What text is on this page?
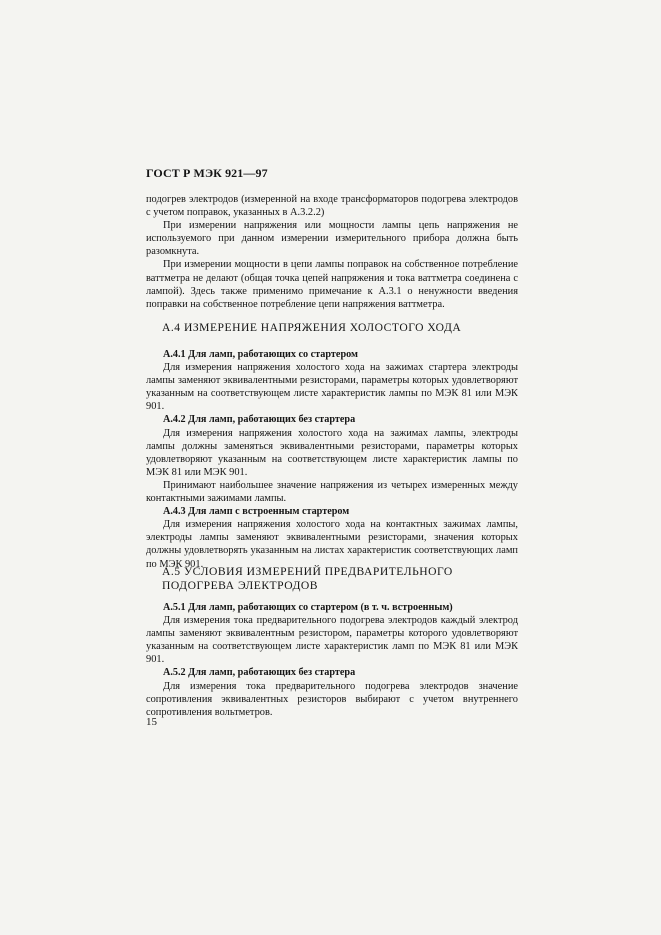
ГОСТ Р МЭК 921—97

подогрев электродов (измеренной на входе трансформаторов подогрева электродов с учетом поправок, указанных в А.3.2.2)

При измерении напряжения или мощности лампы цепь напряжения не используемого при данном измерении измерительного прибора должна быть разомкнута.

При измерении мощности в цепи лампы поправок на собственное потребление ваттметра не делают (общая точка цепей напряжения и тока ваттметра соединена с лампой). Здесь также применимо примечание к А.3.1 о ненужности введения поправки на собственное потребление цепи напряжения ваттметра.

А.4 ИЗМЕРЕНИЕ НАПРЯЖЕНИЯ ХОЛОСТОГО ХОДА

А.4.1 Для ламп, работающих со стартером

Для измерения напряжения холостого хода на зажимах стартера электроды лампы заменяют эквивалентными резисторами, параметры которых удовлетворяют указанным на соответствующем листе характеристик лампы по МЭК 81 или МЭК 901.

А.4.2 Для ламп, работающих без стартера

Для измерения напряжения холостого хода на зажимах лампы, электроды лампы должны заменяться эквивалентными резисторами, параметры которых удовлетворяют указанным на соответствующем листе характеристик лампы по МЭК 81 или МЭК 901.

Принимают наибольшее значение напряжения из четырех измеренных между контактными зажимами лампы.

А.4.3 Для ламп с встроенным стартером

Для измерения напряжения холостого хода на контактных зажимах лампы, электроды лампы заменяют эквивалентными резисторами, значения которых должны удовлетворять указанным на листах характеристик соответствующих ламп по МЭК 901.

А.5 УСЛОВИЯ ИЗМЕРЕНИЙ ПРЕДВАРИТЕЛЬНОГО ПОДОГРЕВА ЭЛЕКТРОДОВ

А.5.1 Для ламп, работающих со стартером (в т. ч. встроенным)

Для измерения тока предварительного подогрева электродов каждый электрод лампы заменяют эквивалентным резистором, параметры которого удовлетворяют указанным на соответствующем листе характеристик ламп по МЭК 81 или МЭК 901.

А.5.2 Для ламп, работающих без стартера

Для измерения тока предварительного подогрева электродов значение сопротивления эквивалентных резисторов выбирают с учетом внутреннего сопротивления вольтметров.

15
